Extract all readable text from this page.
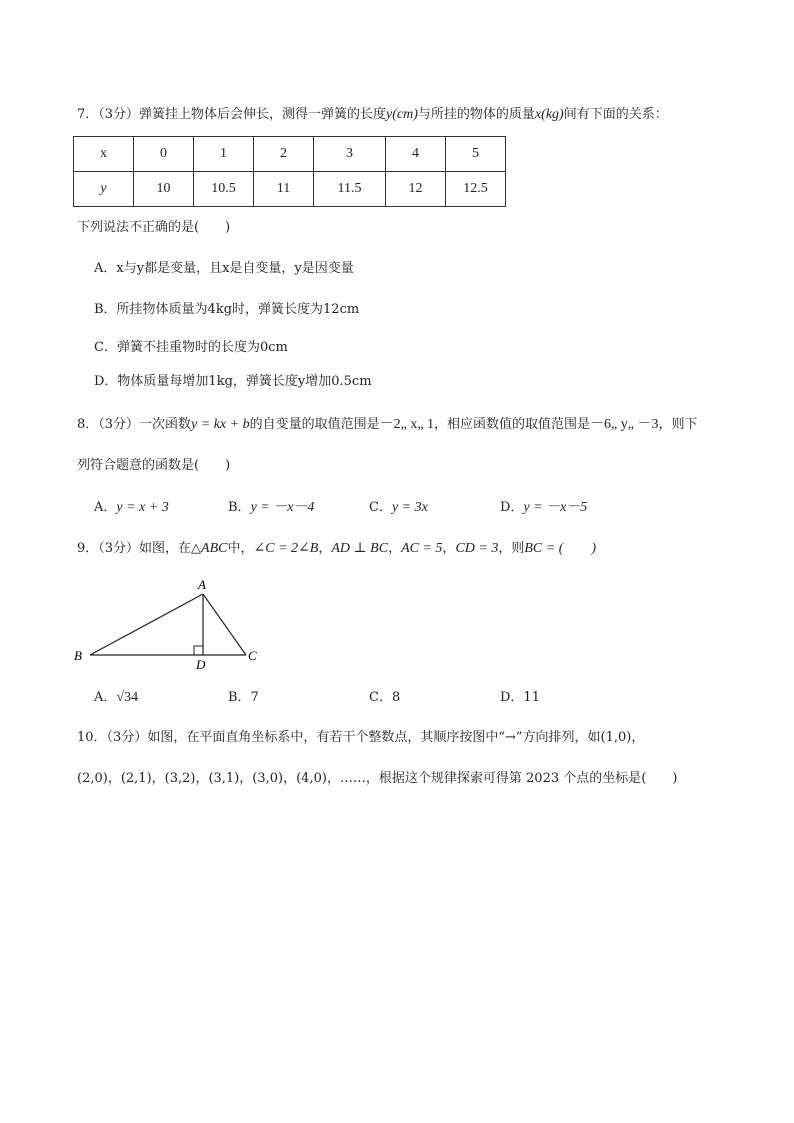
7．（3分）弹簧挂上物体后会伸长，测得一弹簧的长度y(cm)与所挂的物体的质量x(kg)间有下面的关系：
x	0	1	2	3	4	5
y	10	10.5	11	11.5	12	12.5
下列说法不正确的是(　　)
A．x与y都是变量，且x是自变量，y是因变量
B．所挂物体质量为4kg时，弹簧长度为12cm
C．弹簧不挂重物时的长度为0cm
D．物体质量每增加1kg，弹簧长度y增加0.5cm
8．（3分）一次函数y = kx + b的自变量的取值范围是－2„ x„ 1，相应函数值的取值范围是－6„ y„ －3，则下
列符合题意的函数是(　　)
A．y = x + 3	B．y = －x－4	C．y = 3x	D．y = －x－5
9．（3分）如图，在△ABC中，∠C = 2∠B，AD ⊥ BC，AC = 5，CD = 3，则BC = (　　)
A
B	C
D
A．√34	B．7	C．8	D．11
10．（3分）如图，在平面直角坐标系中，有若干个整数点，其顺序按图中“→”方向排列，如(1,0)，
(2,0)，(2,1)，(3,2)，(3,1)，(3,0)，(4,0)，……，根据这个规律探索可得第 2023 个点的坐标是(　　)
